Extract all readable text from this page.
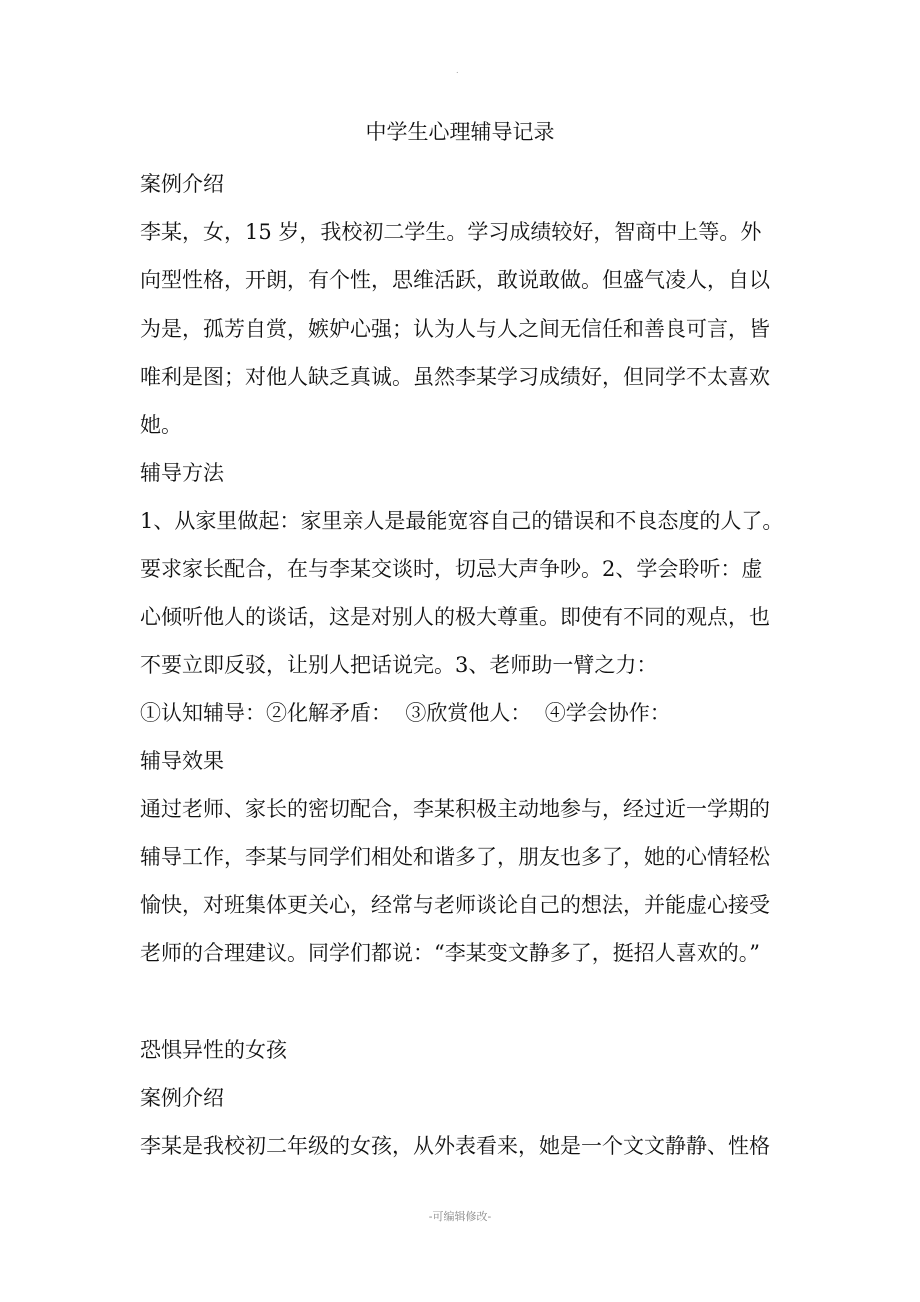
.
中学生心理辅导记录
案例介绍
李某，女，15 岁，我校初二学生。学习成绩较好，智商中上等。外
向型性格，开朗，有个性，思维活跃，敢说敢做。但盛气凌人，自以
为是，孤芳自赏，嫉妒心强；认为人与人之间无信任和善良可言，皆
唯利是图；对他人缺乏真诚。虽然李某学习成绩好，但同学不太喜欢
她。
辅导方法
1、从家里做起：家里亲人是最能宽容自己的错误和不良态度的人了。
要求家长配合，在与李某交谈时，切忌大声争吵。2、学会聆听：虚
心倾听他人的谈话，这是对别人的极大尊重。即使有不同的观点，也
不要立即反驳，让别人把话说完。3、老师助一臂之力：
①认知辅导：②化解矛盾：  ③欣赏他人：  ④学会协作：
辅导效果
通过老师、家长的密切配合，李某积极主动地参与，经过近一学期的
辅导工作，李某与同学们相处和谐多了，朋友也多了，她的心情轻松
愉快，对班集体更关心，经常与老师谈论自己的想法，并能虚心接受
老师的合理建议。同学们都说：“李某变文静多了，挺招人喜欢的。”
恐惧异性的女孩
案例介绍
李某是我校初二年级的女孩，从外表看来，她是一个文文静静、性格
-可编辑修改-
